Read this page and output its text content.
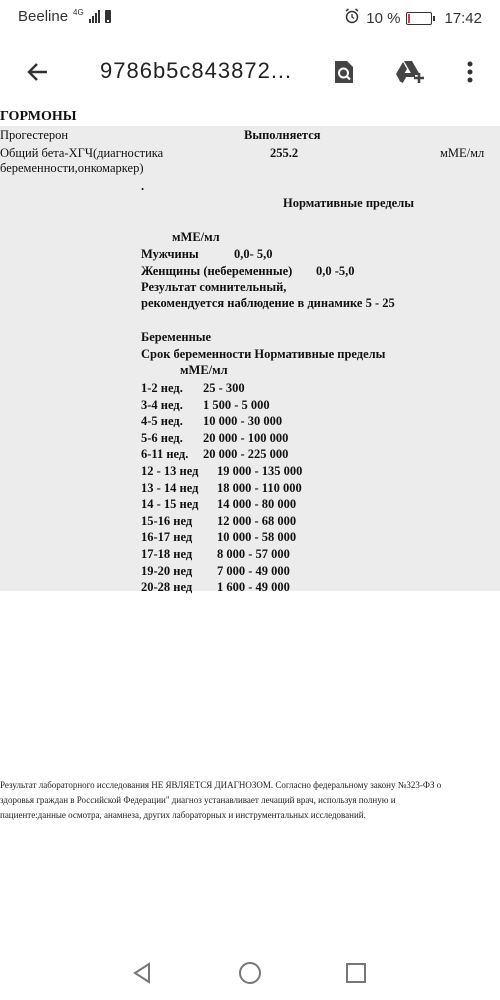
Beeline 4G	10 %	17:42
9786b5c843872...
ГОРМОНЫ
Прогестерон	Выполняется
Общий бета-ХГЧ(диагностика	255.2	мМЕ/мл
беременности,онкомаркер)
.
Нормативные пределы
мМЕ/мл
Мужчины	0,0- 5,0
Женщины (небеременные) 0,0 -5,0
Результат сомнительный,
рекомендуется наблюдение в динамике 5 - 25
Беременные
Срок беременности Нормативные пределы
мМЕ/мл
1-2 нед. 25 - 300
3-4 нед. 1 500 - 5 000
4-5 нед. 10 000 - 30 000
5-6 нед. 20 000 - 100 000
6-11 нед. 20 000 - 225 000
12 - 13 нед 19 000 - 135 000
13 - 14 нед 18 000 - 110 000
14 - 15 нед 14 000 - 80 000
15-16 нед 12 000 - 68 000
16-17 нед 10 000 - 58 000
17-18 нед 8 000 - 57 000
19-20 нед 7 000 - 49 000
20-28 нед 1 600 - 49 000
Результат лабораторного исследования НЕ ЯВЛЯЕТСЯ ДИАГНОЗОМ. Согласно федеральному закону №323-ФЗ о
здоровья граждан в Российской Федерации" диагноз устанавливает лечащий врач, используя полную и
пациенте:данные осмотра, анамнеза, других лабораторных и инструментальных исследований.
